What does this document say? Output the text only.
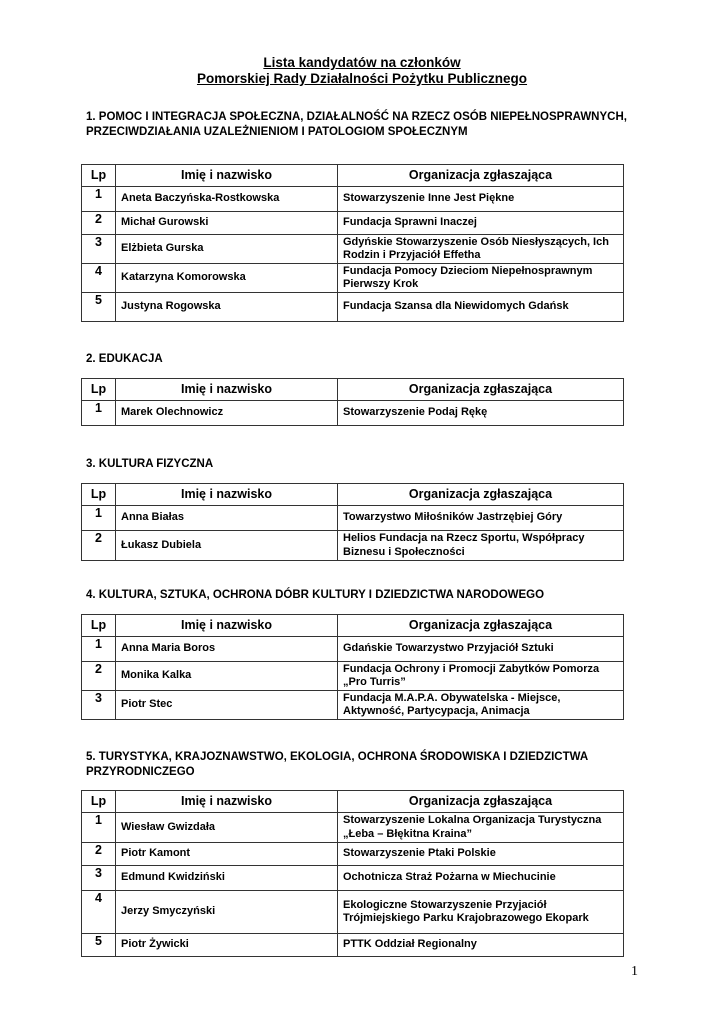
Lista kandydatów na członków
Pomorskiej Rady Działalności Pożytku Publicznego
1. POMOC I INTEGRACJA SPOŁECZNA, DZIAŁALNOŚĆ NA RZECZ OSÓB NIEPEŁNOSPRAWNYCH, PRZECIWDZIAŁANIA UZALEŻNIENIOM I PATOLOGIOM SPOŁECZNYM
Lp	Imię i nazwisko	Organizacja zgłaszająca
1	Aneta Baczyńska-Rostkowska	Stowarzyszenie Inne Jest Piękne
2	Michał Gurowski	Fundacja Sprawni Inaczej
3	Elżbieta Gurska	Gdyńskie Stowarzyszenie Osób Niesłyszących, Ich Rodzin i Przyjaciół Effetha
4	Katarzyna Komorowska	Fundacja Pomocy Dzieciom Niepełnosprawnym Pierwszy Krok
5	Justyna Rogowska	Fundacja Szansa dla Niewidomych Gdańsk
2. EDUKACJA
Lp	Imię i nazwisko	Organizacja zgłaszająca
1	Marek Olechnowicz	Stowarzyszenie Podaj Rękę
3. KULTURA FIZYCZNA
Lp	Imię i nazwisko	Organizacja zgłaszająca
1	Anna Białas	Towarzystwo Miłośników Jastrzębiej Góry
2	Łukasz Dubiela	Helios Fundacja na Rzecz Sportu, Współpracy Biznesu i Społeczności
4. KULTURA, SZTUKA, OCHRONA DÓBR KULTURY I DZIEDZICTWA NARODOWEGO
Lp	Imię i nazwisko	Organizacja zgłaszająca
1	Anna Maria Boros	Gdańskie Towarzystwo Przyjaciół Sztuki
2	Monika Kalka	Fundacja Ochrony i Promocji Zabytków Pomorza „Pro Turris”
3	Piotr Stec	Fundacja M.A.P.A. Obywatelska - Miejsce, Aktywność, Partycypacja, Animacja
5. TURYSTYKA, KRAJOZNAWSTWO, EKOLOGIA, OCHRONA ŚRODOWISKA I DZIEDZICTWA PRZYRODNICZEGO
Lp	Imię i nazwisko	Organizacja zgłaszająca
1	Wiesław Gwizdała	Stowarzyszenie Lokalna Organizacja Turystyczna „Łeba – Błękitna Kraina”
2	Piotr Kamont	Stowarzyszenie Ptaki Polskie
3	Edmund Kwidziński	Ochotnicza Straż Pożarna w Miechucinie
4	Jerzy Smyczyński	Ekologiczne Stowarzyszenie Przyjaciół Trójmiejskiego Parku Krajobrazowego Ekopark
5	Piotr Żywicki	PTTK Oddział Regionalny
1
